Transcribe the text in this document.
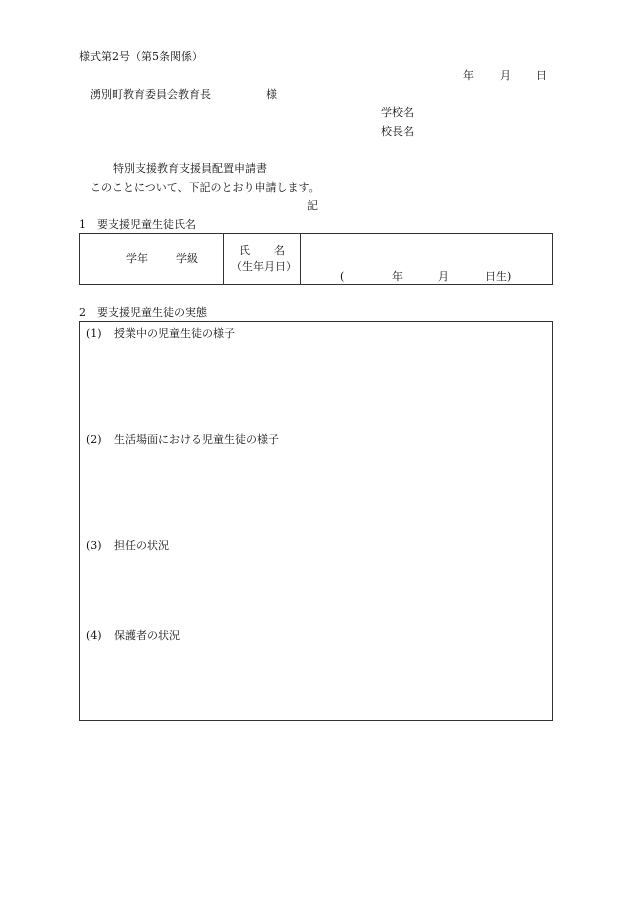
様式第2号（第5条関係）
年 月 日
湧別町教育委員会教育長	様
学校名
校長名
特別支援教育支援員配置申請書
このことについて、下記のとおり申請します。
記
1　要支援児童生徒氏名
学年	学級
氏 名
（生年月日）
(	年	月	日生)
2　要支援児童生徒の実態
(1) 授業中の児童生徒の様子
(2) 生活場面における児童生徒の様子
(3) 担任の状況
(4) 保護者の状況
